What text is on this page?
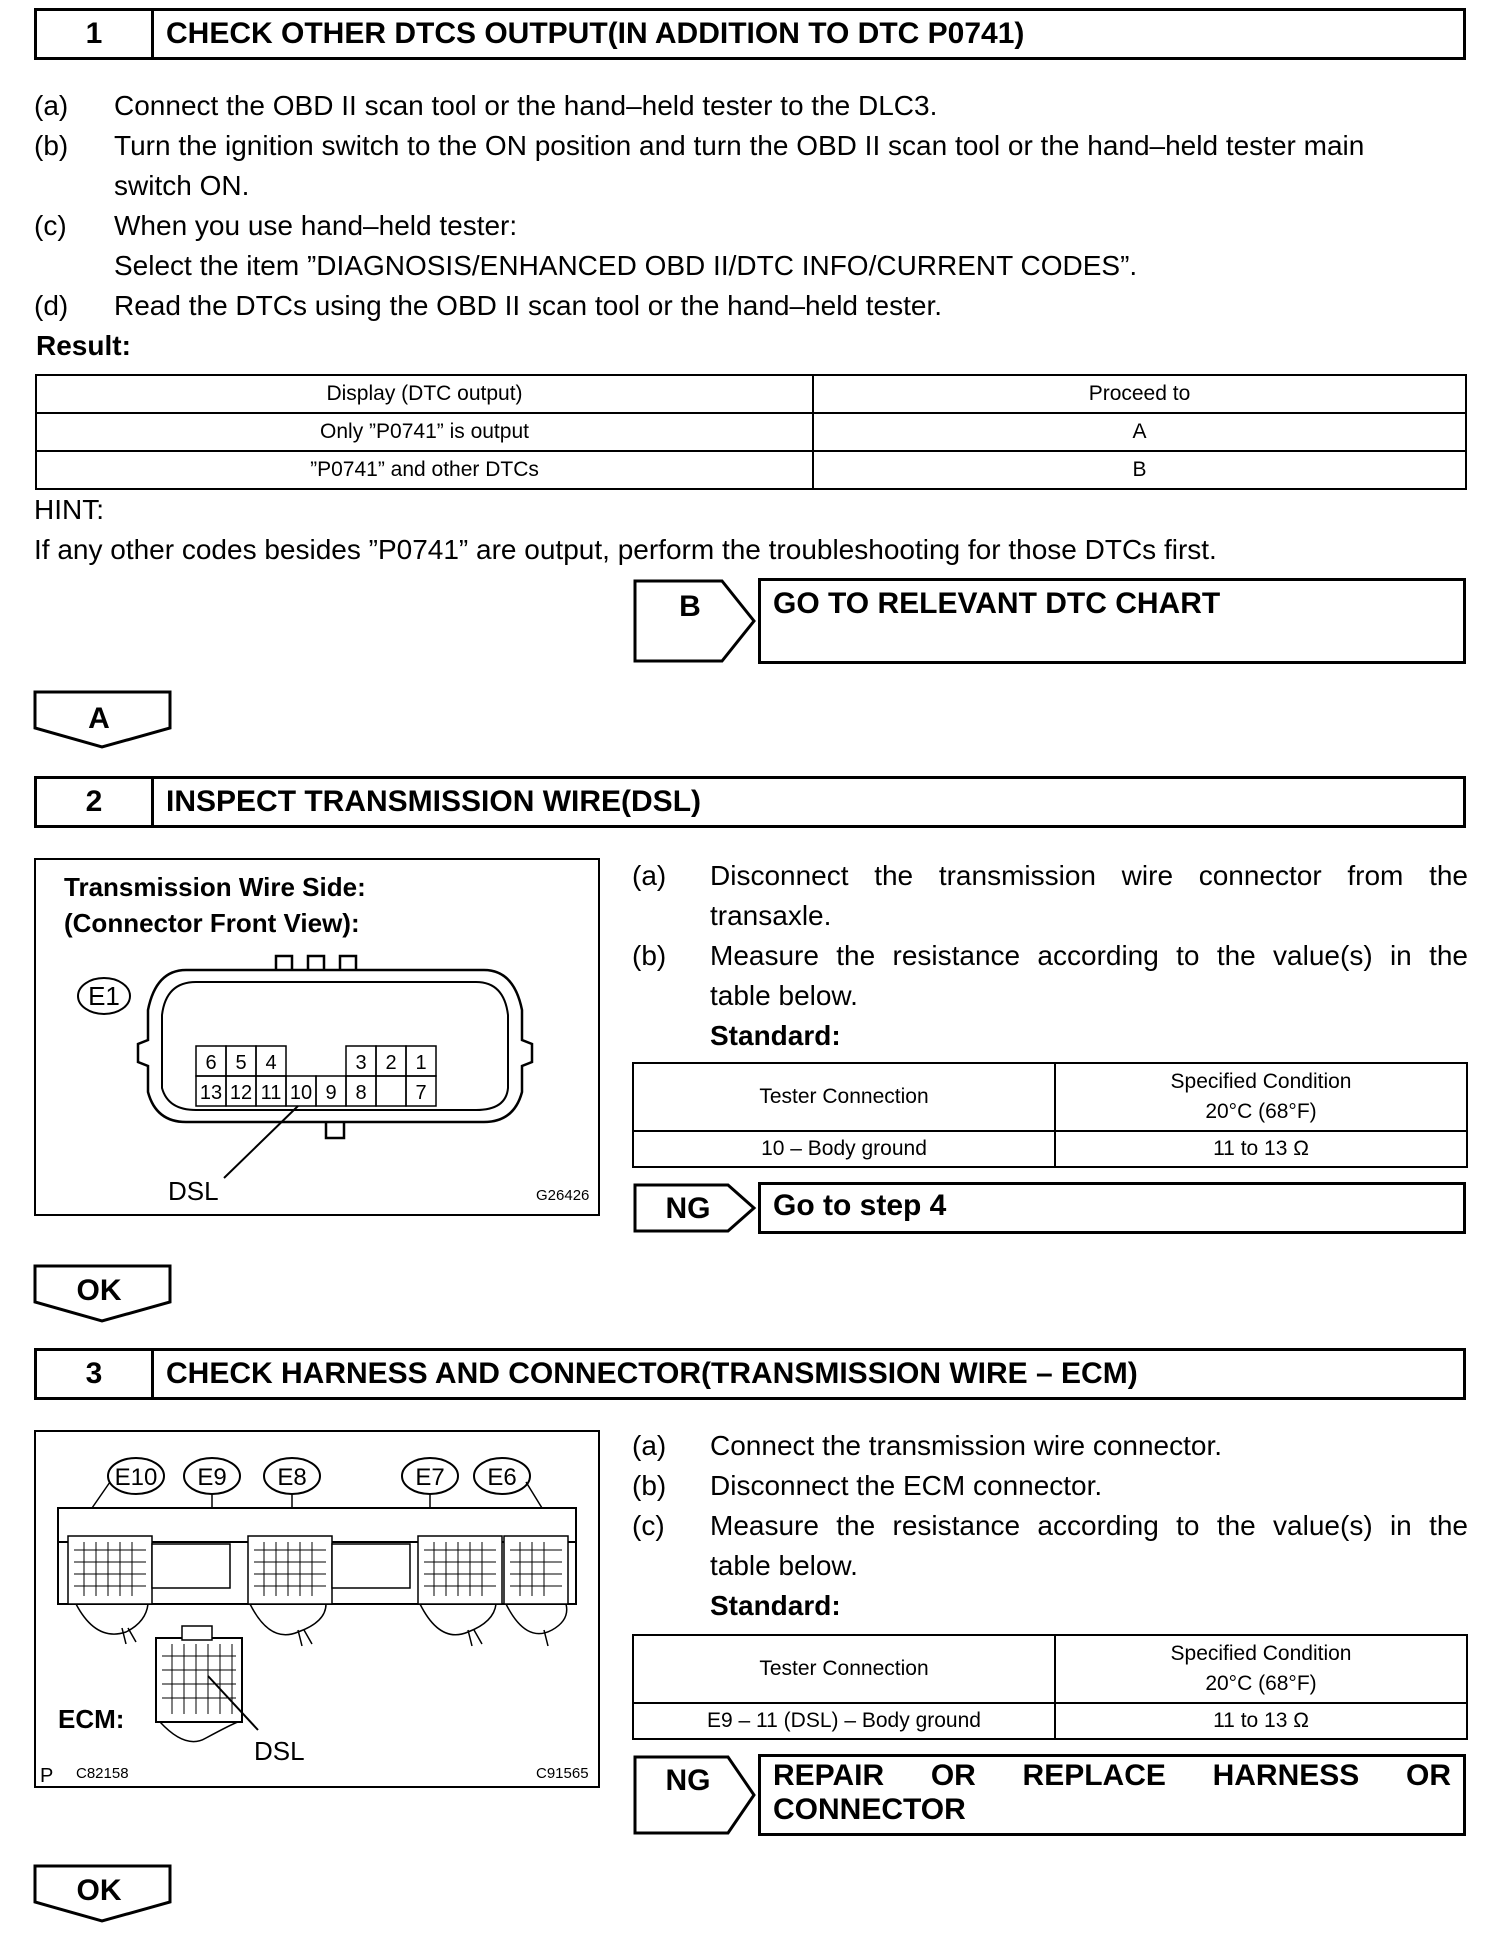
1	CHECK OTHER DTCS OUTPUT(IN ADDITION TO DTC P0741)
(a) Connect the OBD II scan tool or the hand–held tester to the DLC3.
(b) Turn the ignition switch to the ON position and turn the OBD II scan tool or the hand–held tester main
switch ON.
(c) When you use hand–held tester:
Select the item ”DIAGNOSIS/ENHANCED OBD II/DTC INFO/CURRENT CODES”.
(d) Read the DTCs using the OBD II scan tool or the hand–held tester.
Result:
Display (DTC output)	Proceed to
Only ”P0741” is output	A
”P0741” and other DTCs	B
HINT:
If any other codes besides ”P0741” are output, perform the troubleshooting for those DTCs first.
B	GO TO RELEVANT DTC CHART
A
2	INSPECT TRANSMISSION WIRE(DSL)
Transmission Wire Side:
(Connector Front View):
E1
6 5 4	3 2 1
13 12 11 10 9 8 7
DSL	G26426
(a) Disconnect  the  transmission  wire  connector  from  the
transaxle.
(b) Measure  the  resistance  according  to  the  value(s)  in  the
table below.
Standard:
Tester Connection	Specified Condition
20°C (68°F)

10 – Body ground	11 to 13 Ω
NG	Go to step 4
OK
3	CHECK HARNESS AND CONNECTOR(TRANSMISSION WIRE – ECM)
E10 E9 E8	E7 E6
ECM:
DSL
P C82158	C91565
(a) Connect the transmission wire connector.
(b) Disconnect the ECM connector.
(c) Measure  the  resistance  according  to  the  value(s)  in  the
table below.
Standard:
Tester Connection	Specified Condition
20°C (68°F)

E9 – 11 (DSL) – Body ground	11 to 13 Ω
NG REPAIR OR REPLACE HARNESS OR
CONNECTOR
OK
